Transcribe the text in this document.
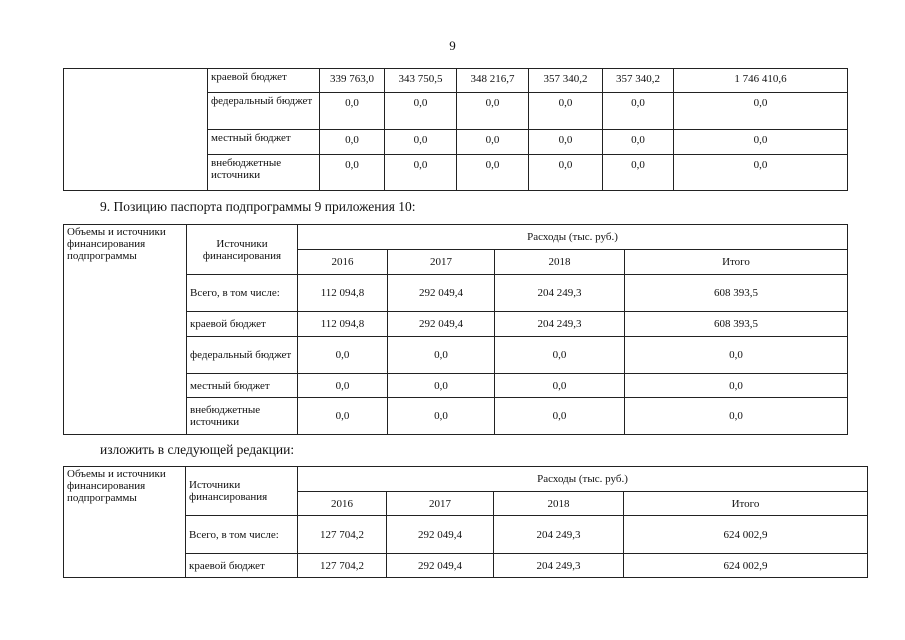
9
	краевой бюджет	339 763,0	343 750,5	348 216,7	357 340,2	357 340,2	1 746 410,6
	федеральный бюджет	0,0	0,0	0,0	0,0	0,0	0,0
	местный бюджет	0,0	0,0	0,0	0,0	0,0	0,0
	внебюджетные источники	0,0	0,0	0,0	0,0	0,0	0,0
9. Позицию паспорта подпрограммы 9 приложения 10:
Объемы и источники финансирования подпрограммы	Источники финансирования	Расходы (тыс. руб.)			
		2016	2017	2018	Итого
	Всего, в том числе:	112 094,8	292 049,4	204 249,3	608 393,5
	краевой бюджет	112 094,8	292 049,4	204 249,3	608 393,5
	федеральный бюджет	0,0	0,0	0,0	0,0
	местный бюджет	0,0	0,0	0,0	0,0
	внебюджетные источники	0,0	0,0	0,0	0,0
изложить в следующей редакции:
Объемы и источники финансирования подпрограммы	Источники финансирования	Расходы (тыс. руб.)			
		2016	2017	2018	Итого
	Всего, в том числе:	127 704,2	292 049,4	204 249,3	624 002,9
	краевой бюджет	127 704,2	292 049,4	204 249,3	624 002,9
